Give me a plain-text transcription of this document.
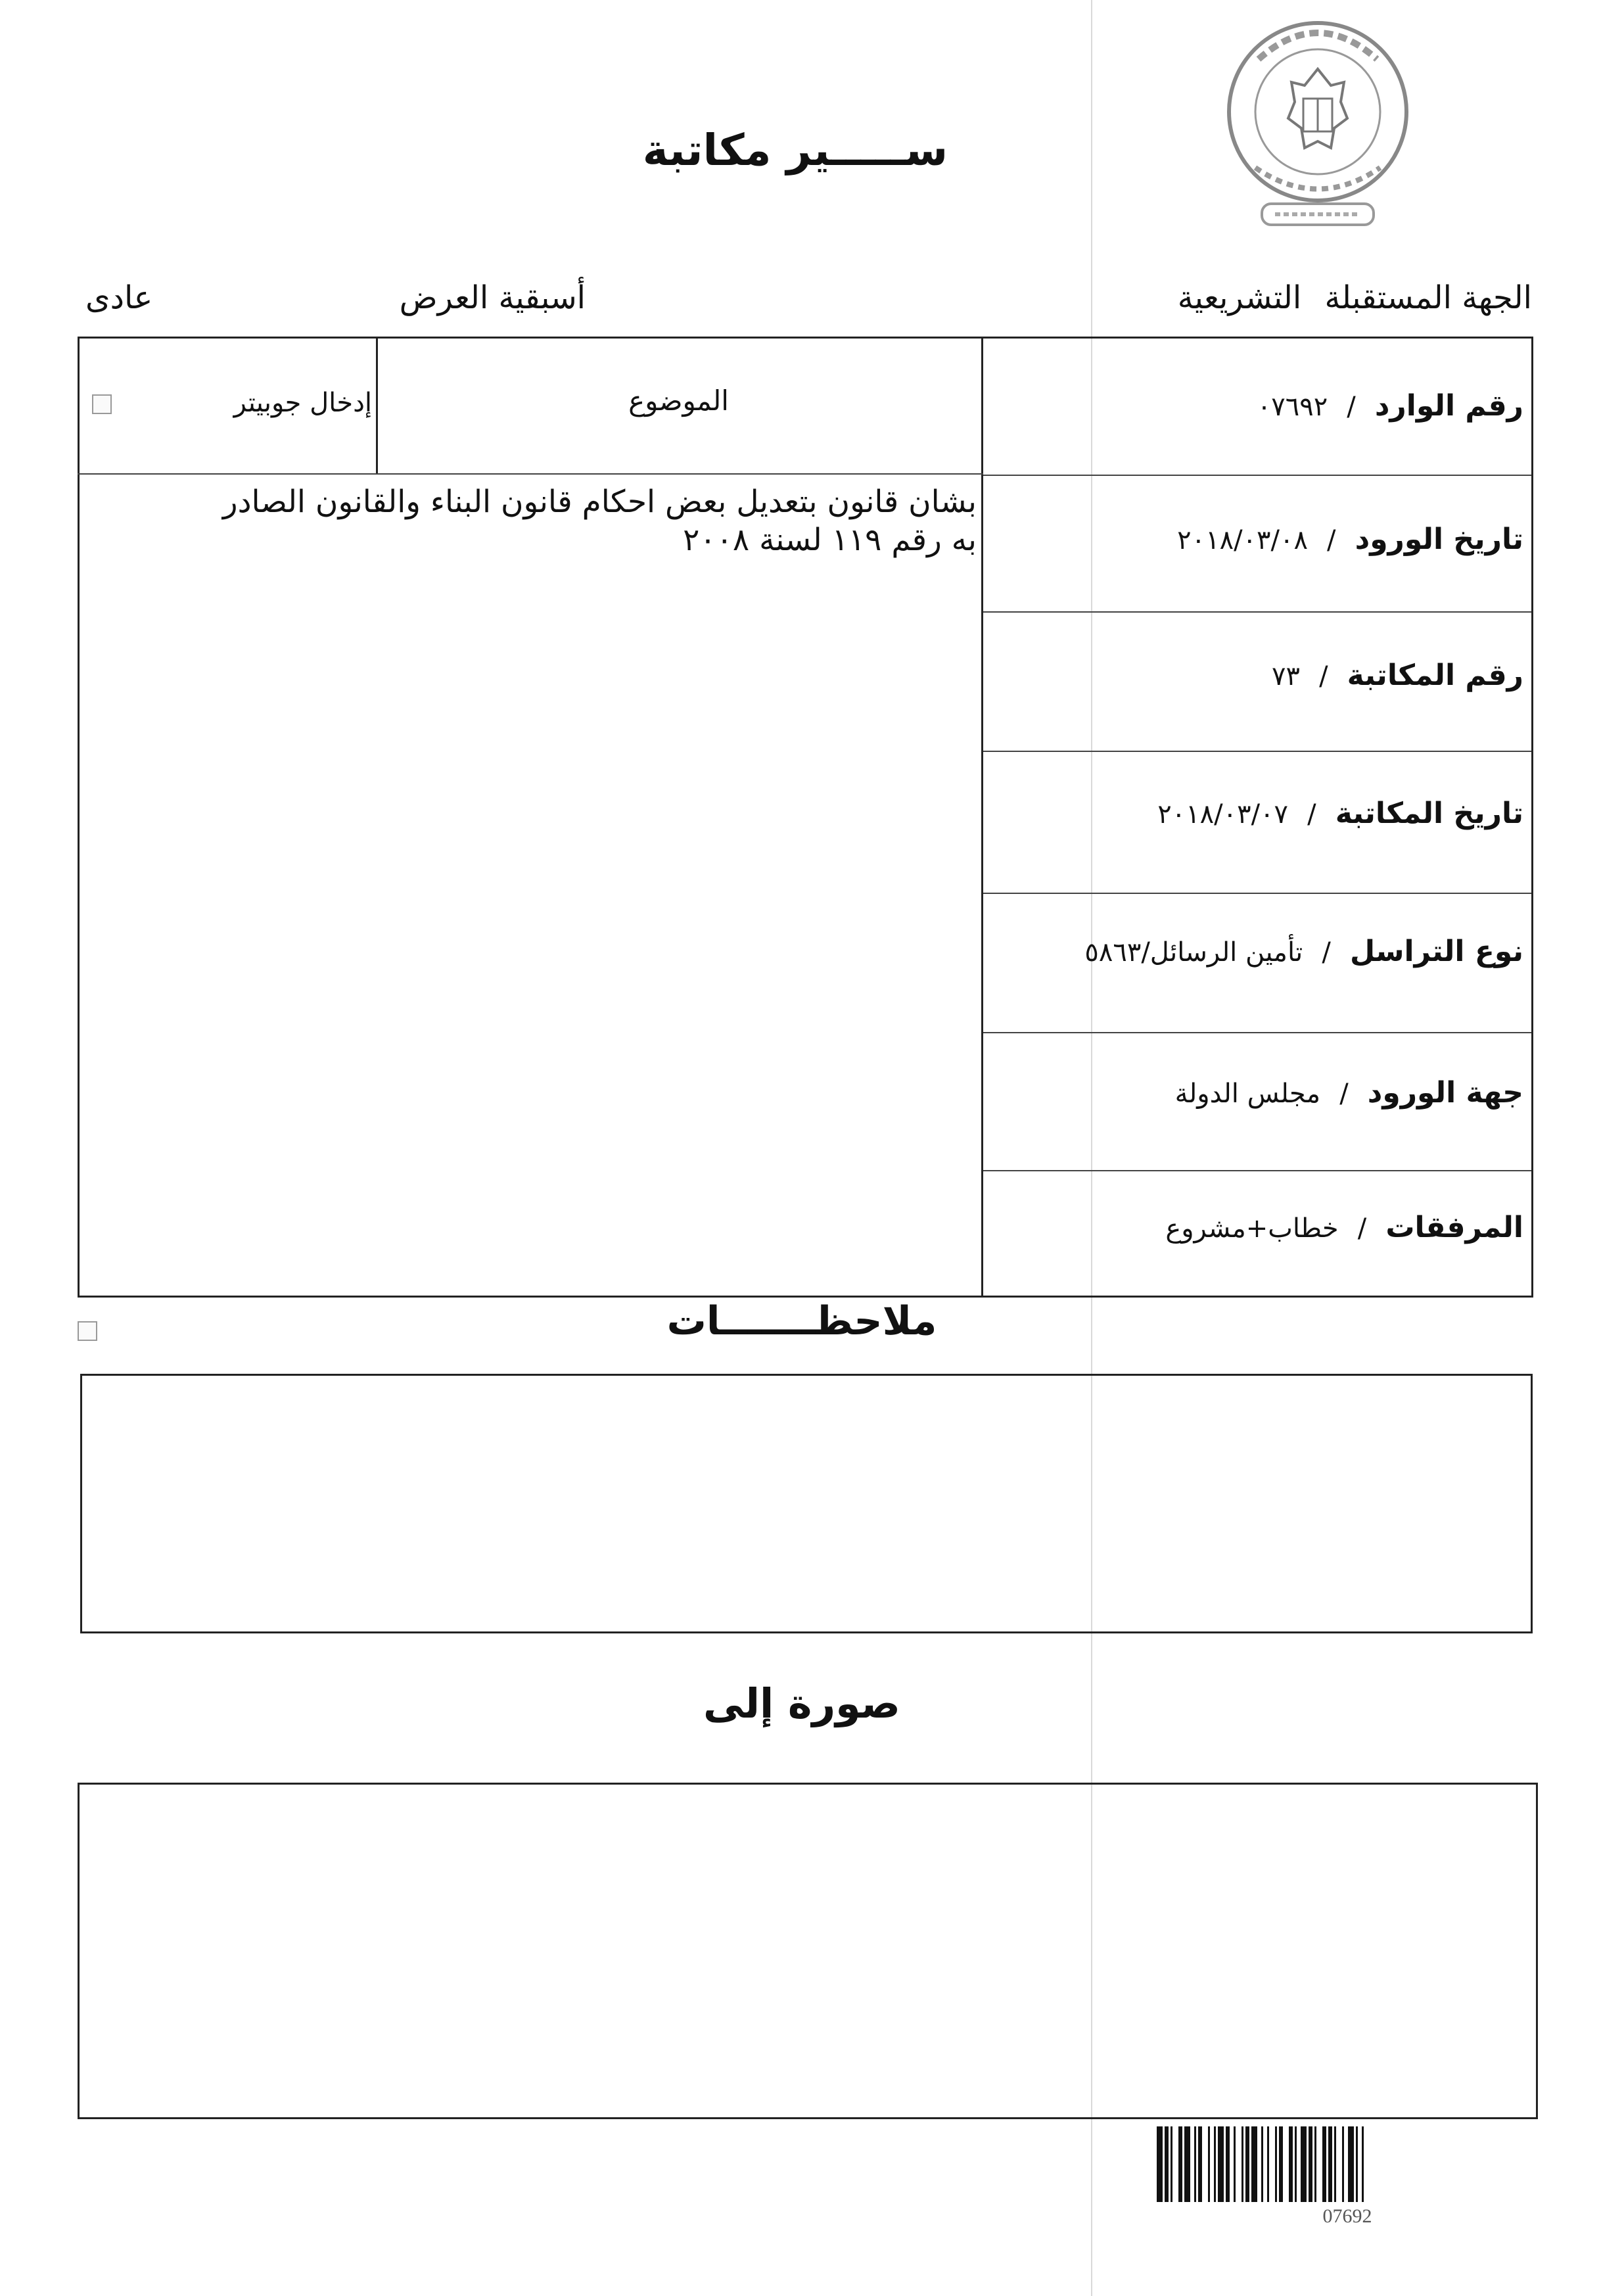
ســـــير مكاتبة
الجهة المستقبلة التشريعية
أسبقية العرض
عادى
الموضوع
إدخال جوبيتر
بشان قانون بتعديل بعض احكام قانون البناء والقانون الصادر
به رقم ١١٩ لسنة ٢٠٠٨
رقم الوارد / ٠٧٦٩٢
تاريخ الورود / ٢٠١٨/٠٣/٠٨
رقم المكاتبة / ٧٣
تاريخ المكاتبة / ٢٠١٨/٠٣/٠٧
نوع التراسل / تأمين الرسائل/٥٨٦٣
جهة الورود / مجلس الدولة
المرفقات / خطاب+مشروع
ملاحظـــــــات
صورة إلى
07692
